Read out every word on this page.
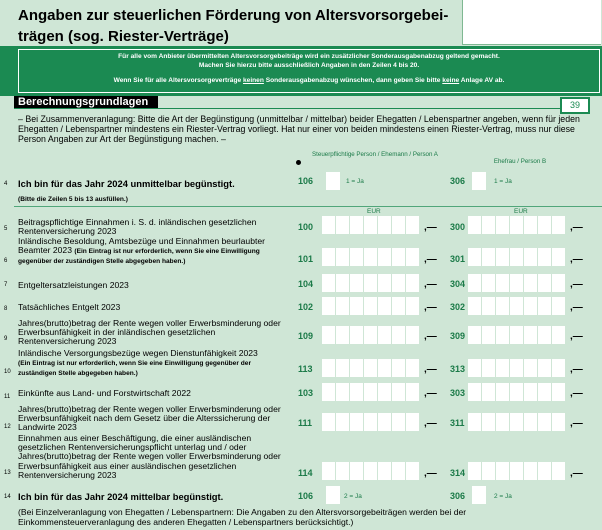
Angaben zur steuerlichen Förderung von Altersvorsorgebei- trägen (sog. Riester-Verträge)
Für alle vom Anbieter übermittelten Altersvorsorgebeiträge wird ein zusätzlicher Sonderausgabenabzug geltend gemacht.
Machen Sie hierzu bitte ausschließlich Angaben in den Zeilen 4 bis 20.
Wenn Sie für alle Altersvorsorgeverträge keinen Sonderausgabenabzug wünschen, dann geben Sie bitte keine Anlage AV ab.
Berechnungsgrundlagen	39
– Bei Zusammenveranlagung: Bitte die Art der Begünstigung (unmittelbar / mittelbar) beider Ehegatten / Lebenspartner angeben, wenn für jeden Ehegatten / Lebenspartner mindestens ein Riester-Vertrag vorliegt. Hat nur einer von beiden mindestens einen Riester-Vertrag, muss nur diese Person Angaben zur Art der Begünstigung machen. –
Steuerpflichtige Person / Ehemann / Person A
Ehefrau / Person B
4 Ich bin für das Jahr 2024 unmittelbar begünstigt.
(Bitte die Zeilen 5 bis 13 ausfüllen.)
106	1 = Ja	306	1 = Ja
EUR	EUR
5
Beitragspflichtige Einnahmen i. S. d. inländischen gesetzlichen Rentenversicherung 2023	100	,— 300	,—
6
Inländische Besoldung, Amtsbezüge und Einnahmen beurlaubter Beamter 2023 (Ein Eintrag ist nur erforderlich, wenn Sie eine Einwilligung gegenüber der zuständigen Stelle abgegeben haben.)	101	,— 301	,—
7 Entgeltersatzleistungen 2023	104	,— 304	,—
8 Tatsächliches Entgelt 2023	102	,— 302	,—
9
Jahres(brutto)betrag der Rente wegen voller Erwerbsminderung oder Erwerbsunfähigkeit in der inländischen gesetzlichen Rentenversicherung 2023
109	,— 309	,—
10
Inländische Versorgungsbezüge wegen Dienstunfähigkeit 2023
(Ein Eintrag ist nur erforderlich, wenn Sie eine Einwilligung gegenüber der zuständigen Stelle abgegeben haben.)	113	,— 313	,—
11 Einkünfte aus Land- und Forstwirtschaft 2022	103	,— 303	,—
12
Jahres(brutto)betrag der Rente wegen voller Erwerbsminderung oder Erwerbsunfähigkeit nach dem Gesetz über die Alterssicherung der Landwirte 2023	111	,— 311	,—
13
Einnahmen aus einer Beschäftigung, die einer ausländischen gesetzlichen Rentenversicherungspflicht unterlag und / oder Jahres(brutto)betrag der Rente wegen voller Erwerbsminderung oder Erwerbsunfähigkeit aus einer ausländischen gesetzlichen Rentenversicherung 2023	114	,— 314	,—
14 Ich bin für das Jahr 2024 mittelbar begünstigt.	106	2 = Ja	306	2 = Ja
(Bei Einzelveranlagung von Ehegatten / Lebenspartnern: Die Angaben zu den Altersvorsorgebeiträgen werden bei der Einkommensteuerveranlagung des anderen Ehegatten / Lebenspartners berücksichtigt.)
